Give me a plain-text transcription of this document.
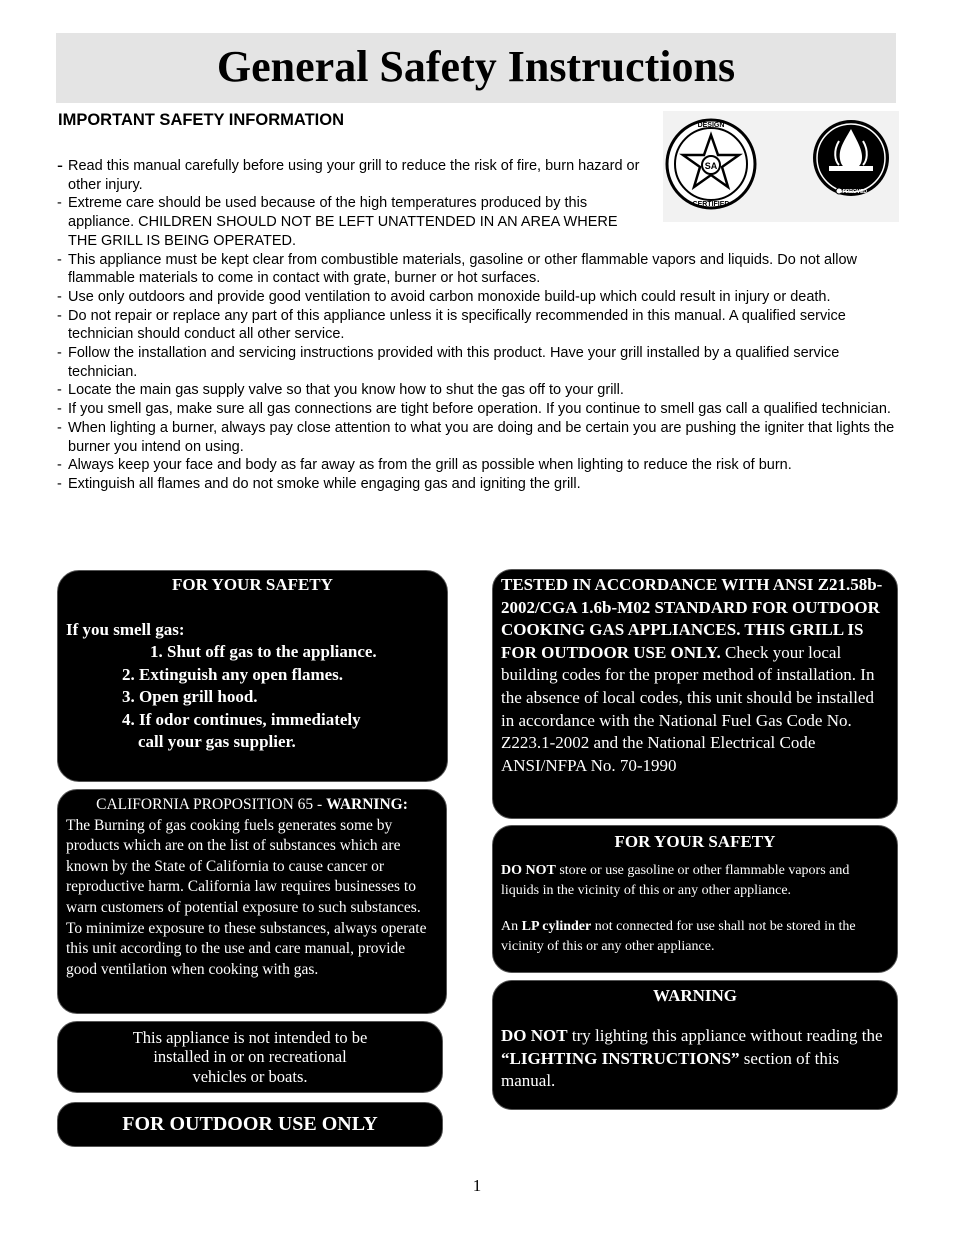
General Safety Instructions
IMPORTANT SAFETY INFORMATION
SA
DESIGN
CERTIFIED
APPROVED
- Read this manual carefully before using your grill to reduce the risk of fire, burn hazard or other injury.
- Extreme care should be used because of the high temperatures produced by this appliance. CHILDREN SHOULD NOT BE LEFT UNATTENDED IN AN AREA WHERE THE GRILL IS BEING OPERATED.
- This appliance must be kept clear from combustible materials, gasoline or other flammable vapors and liquids. Do not allow flammable materials to come in contact with grate, burner or hot surfaces.
- Use only outdoors and provide good ventilation to avoid carbon monoxide build-up which could result in injury or death.
- Do not repair or replace any part of this appliance unless it is specifically recommended in this manual. A qualified service technician should conduct all other service.
- Follow the installation and servicing instructions provided with this product. Have your grill installed by a qualified service technician.
- Locate the main gas supply valve so that you know how to shut the gas off to your grill.
- If you smell gas, make sure all gas connections are tight before operation. If you continue to smell gas call a qualified technician.
- When lighting a burner, always pay close attention to what you are doing and be certain you are pushing the igniter that lights the burner you intend on using.
- Always keep your face and body as far away as from the grill as possible when lighting to reduce the risk of burn.
- Extinguish all flames and do not smoke while engaging gas and igniting the grill.
FOR YOUR SAFETY
If you smell gas:
1. Shut off gas to the appliance.
2. Extinguish any open flames.
3. Open grill hood.
4. If odor continues, immediately
call your gas supplier.
CALIFORNIA PROPOSITION 65 - WARNING:
The Burning of gas cooking fuels generates some by products which are on the list of substances which are known by the State of California to cause cancer or reproductive harm. California law requires businesses to warn customers of potential exposure to such substances. To minimize exposure to these substances, always operate this unit according to the use and care manual, provide good ventilation when cooking with gas.
This appliance is not intended to be
installed in or on recreational
vehicles or boats.
FOR OUTDOOR USE ONLY
TESTED IN ACCORDANCE WITH ANSI Z21.58b-2002/CGA 1.6b-M02 STANDARD FOR OUTDOOR COOKING GAS APPLIANCES. THIS GRILL IS FOR OUTDOOR USE ONLY. Check your local building codes for the proper method of installation. In the absence of local codes, this unit should be installed in accordance with the National Fuel Gas Code No. Z223.1-2002 and the National Electrical Code ANSI/NFPA No. 70-1990
FOR YOUR SAFETY
DO NOT store or use gasoline or other flammable vapors and liquids in the vicinity of this or any other appliance.
An LP cylinder not connected for use shall not be stored in the vicinity of this or any other appliance.
WARNING
DO NOT try lighting this appliance without reading the “LIGHTING INSTRUCTIONS” section of this manual.
1
